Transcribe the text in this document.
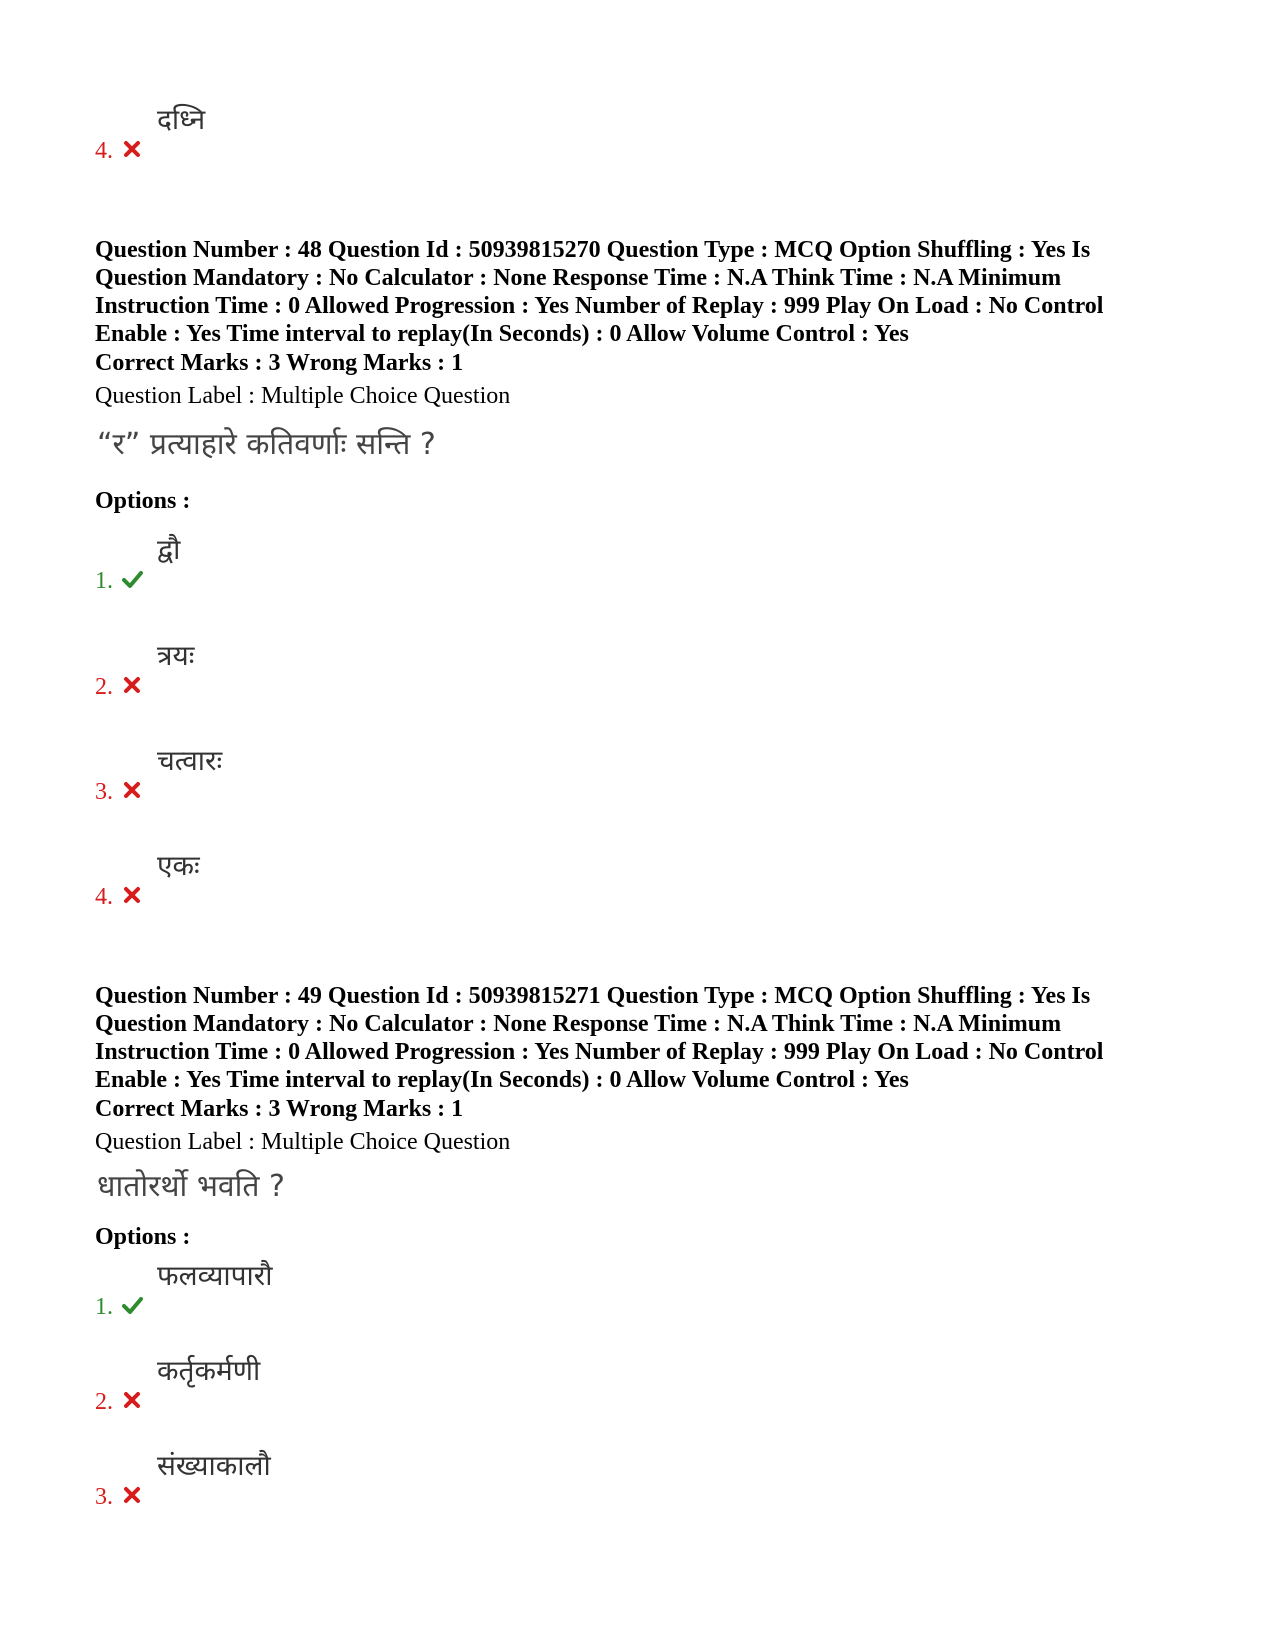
4.
दध्नि
Question Number : 48 Question Id : 50939815270 Question Type : MCQ Option Shuffling : Yes Is Question Mandatory : No Calculator : None Response Time : N.A Think Time : N.A Minimum Instruction Time : 0 Allowed Progression : Yes Number of Replay : 999 Play On Load : No Control Enable : Yes Time interval to replay(In Seconds) : 0 Allow Volume Control : Yes
Correct Marks : 3 Wrong Marks : 1
Question Label : Multiple Choice Question
“र” प्रत्याहारे कतिवर्णाः सन्ति ?
Options :
1.
द्वौ
2.
त्रयः
3.
चत्वारः
4.
एकः
Question Number : 49 Question Id : 50939815271 Question Type : MCQ Option Shuffling : Yes Is Question Mandatory : No Calculator : None Response Time : N.A Think Time : N.A Minimum Instruction Time : 0 Allowed Progression : Yes Number of Replay : 999 Play On Load : No Control Enable : Yes Time interval to replay(In Seconds) : 0 Allow Volume Control : Yes
Correct Marks : 3 Wrong Marks : 1
Question Label : Multiple Choice Question
धातोरर्थो भवति ?
Options :
1.
फलव्यापारौ
2.
कर्तृकर्मणी
3.
संख्याकालौ
